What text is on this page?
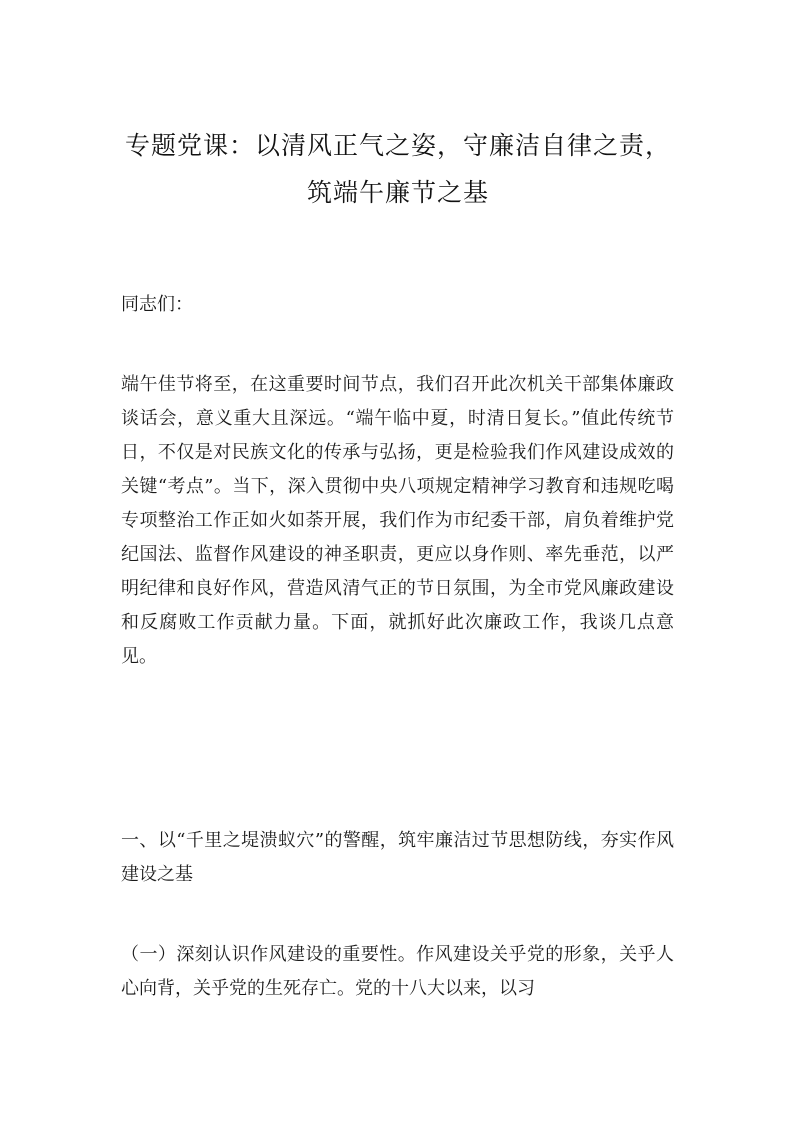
专题党课：以清风正气之姿，守廉洁自律之责，筑端午廉节之基

同志们：

端午佳节将至，在这重要时间节点，我们召开此次机关干部集体廉政谈话会，意义重大且深远。“端午临中夏，时清日复长。”值此传统节日，不仅是对民族文化的传承与弘扬，更是检验我们作风建设成效的关键“考点”。当下，深入贯彻中央八项规定精神学习教育和违规吃喝专项整治工作正如火如荼开展，我们作为市纪委干部，肩负着维护党纪国法、监督作风建设的神圣职责，更应以身作则、率先垂范，以严明纪律和良好作风，营造风清气正的节日氛围，为全市党风廉政建设和反腐败工作贡献力量。下面，就抓好此次廉政工作，我谈几点意见。

一、以“千里之堤溃蚁穴”的警醒，筑牢廉洁过节思想防线，夯实作风建设之基

（一）深刻认识作风建设的重要性。作风建设关乎党的形象，关乎人心向背，关乎党的生死存亡。党的十八大以来，以习
